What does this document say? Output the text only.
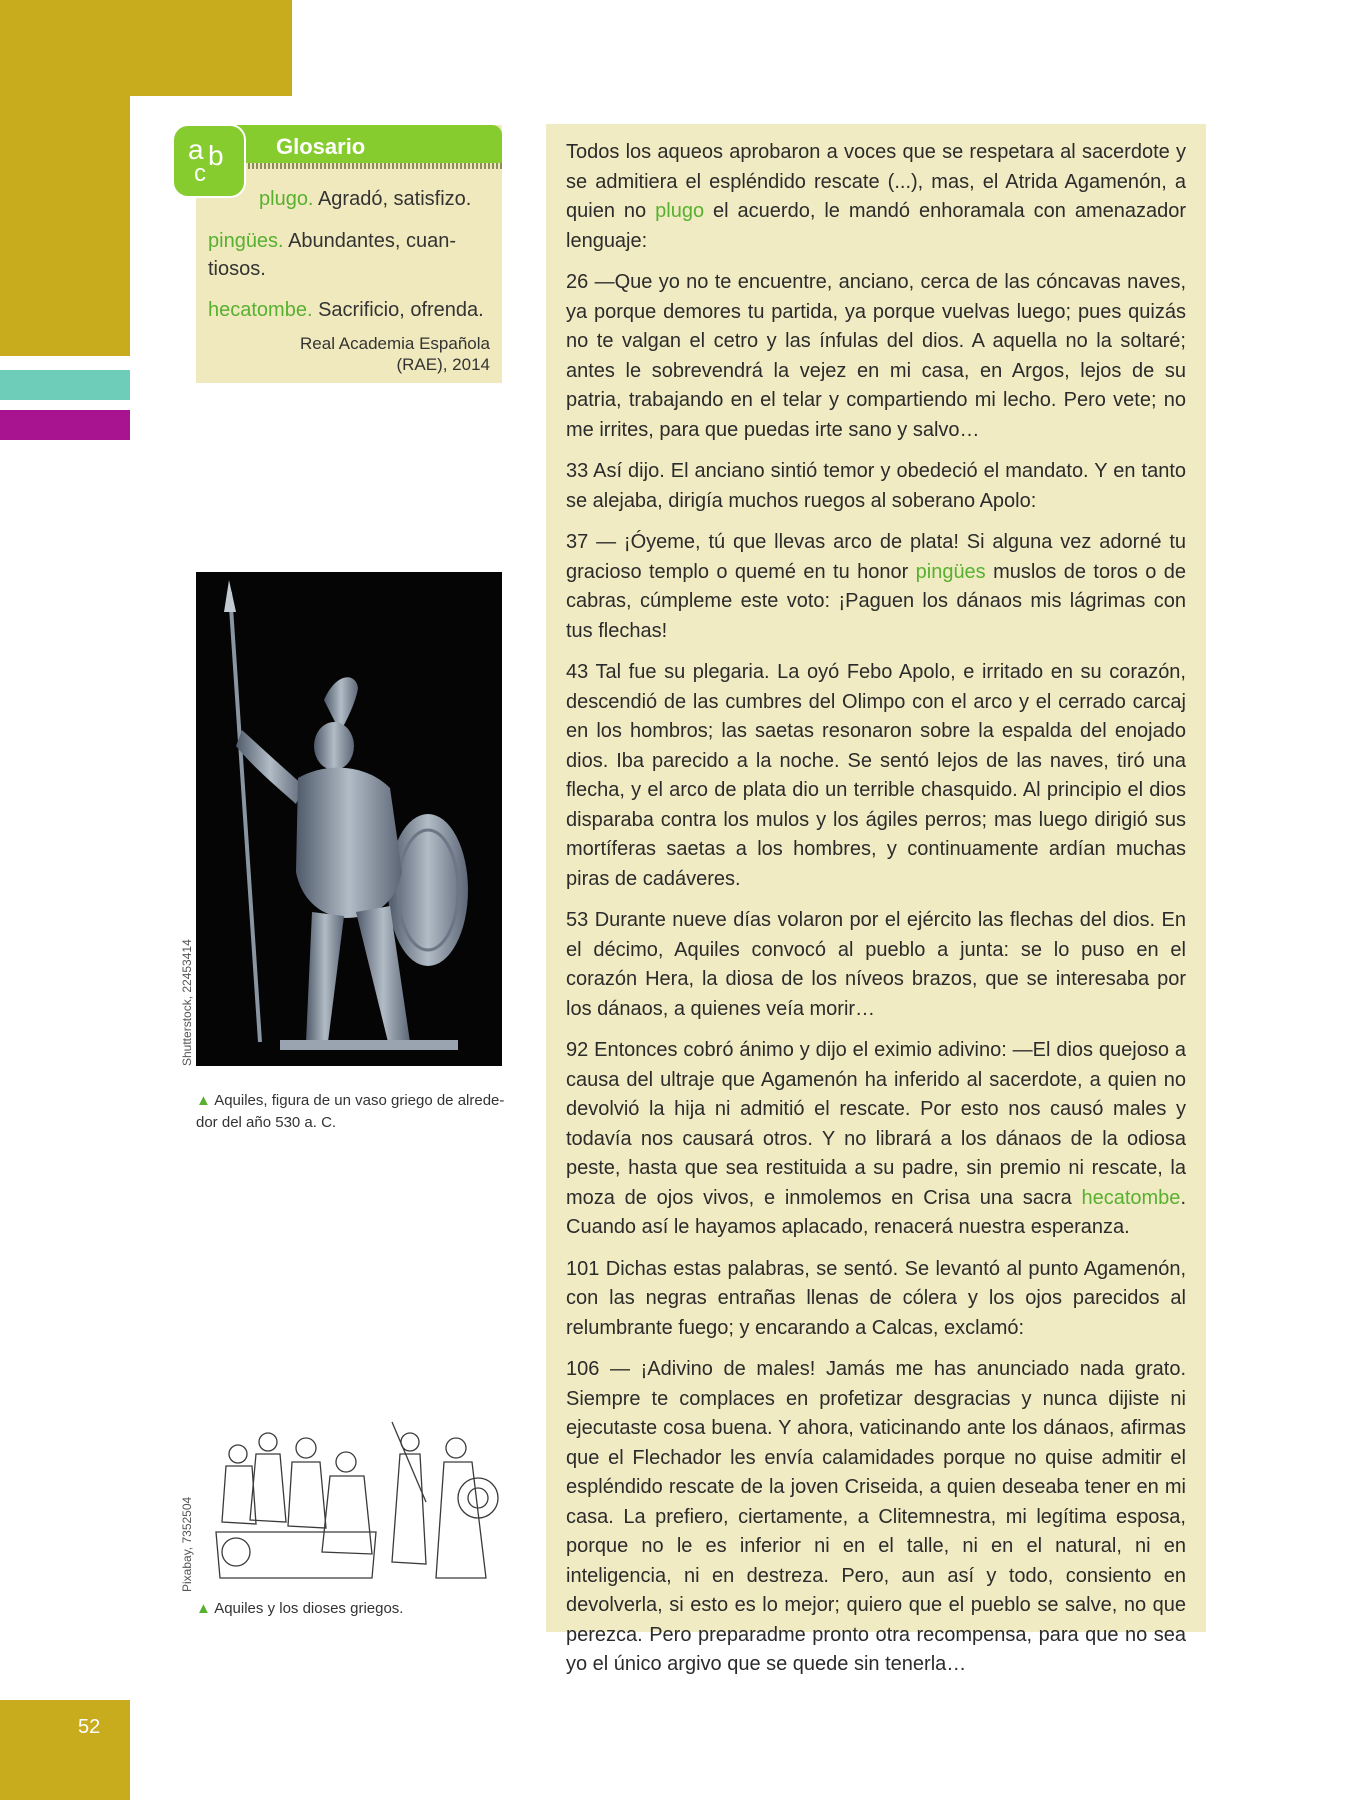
52
Glosario
plugo. Agradó, satisfizo.
pingües. Abundantes, cuan-
tiosos.
hecatombe. Sacrificio, ofrenda.
Real Academia Española
(RAE), 2014
a b
c
Shutterstock, 22453414
▲ Aquiles, figura de un vaso griego de alrede-
dor del año 530 a. C.
Pixabay, 7352504
▲ Aquiles y los dioses griegos.

Todos los aqueos aprobaron a voces que se respetara al sacerdote y se admitiera el espléndido rescate (...), mas, el Atrida Agamenón, a quien no plugo el acuerdo, le mandó enhoramala con amenazador lenguaje:

26 —Que yo no te encuentre, anciano, cerca de las cóncavas naves, ya porque demores tu partida, ya porque vuelvas luego; pues quizás no te valgan el cetro y las ínfulas del dios. A aquella no la soltaré; antes le sobrevendrá la vejez en mi casa, en Argos, lejos de su patria, trabajando en el telar y compartiendo mi lecho. Pero vete; no me irrites, para que puedas irte sano y salvo…

33 Así dijo. El anciano sintió temor y obedeció el mandato. Y en tanto se alejaba, dirigía muchos ruegos al soberano Apolo:

37 — ¡Óyeme, tú que llevas arco de plata! Si alguna vez adorné tu gracioso templo o quemé en tu honor pingües muslos de toros o de cabras, cúmpleme este voto: ¡Paguen los dánaos mis lágrimas con tus flechas!

43 Tal fue su plegaria. La oyó Febo Apolo, e irritado en su corazón, descendió de las cumbres del Olimpo con el arco y el cerrado carcaj en los hombros; las saetas resonaron sobre la espalda del enojado dios. Iba parecido a la noche. Se sentó lejos de las naves, tiró una flecha, y el arco de plata dio un terrible chasquido. Al principio el dios disparaba contra los mulos y los ágiles perros; mas luego dirigió sus mortíferas saetas a los hombres, y continuamente ardían muchas piras de cadáveres.

53 Durante nueve días volaron por el ejército las flechas del dios. En el décimo, Aquiles convocó al pueblo a junta: se lo puso en el corazón Hera, la diosa de los níveos brazos, que se interesaba por los dánaos, a quienes veía morir…

92 Entonces cobró ánimo y dijo el eximio adivino: —El dios quejoso a causa del ultraje que Agamenón ha inferido al sacerdote, a quien no devolvió la hija ni admitió el rescate. Por esto nos causó males y todavía nos causará otros. Y no librará a los dánaos de la odiosa peste, hasta que sea restituida a su padre, sin premio ni rescate, la moza de ojos vivos, e inmolemos en Crisa una sacra hecatombe. Cuando así le hayamos aplacado, renacerá nuestra esperanza.

101 Dichas estas palabras, se sentó. Se levantó al punto Agamenón, con las negras entrañas llenas de cólera y los ojos parecidos al relumbrante fuego; y encarando a Calcas, exclamó:

106 — ¡Adivino de males! Jamás me has anunciado nada grato. Siempre te complaces en profetizar desgracias y nunca dijiste ni ejecutaste cosa buena. Y ahora, vaticinando ante los dánaos, afirmas que el Flechador les envía calamidades porque no quise admitir el espléndido rescate de la joven Criseida, a quien deseaba tener en mi casa. La prefiero, ciertamente, a Clitemnestra, mi legítima esposa, porque no le es inferior ni en el talle, ni en el natural, ni en inteligencia, ni en destreza. Pero, aun así y todo, consiento en devolverla, si esto es lo mejor; quiero que el pueblo se salve, no que perezca. Pero preparadme pronto otra recompensa, para que no sea yo el único argivo que se quede sin tenerla…
